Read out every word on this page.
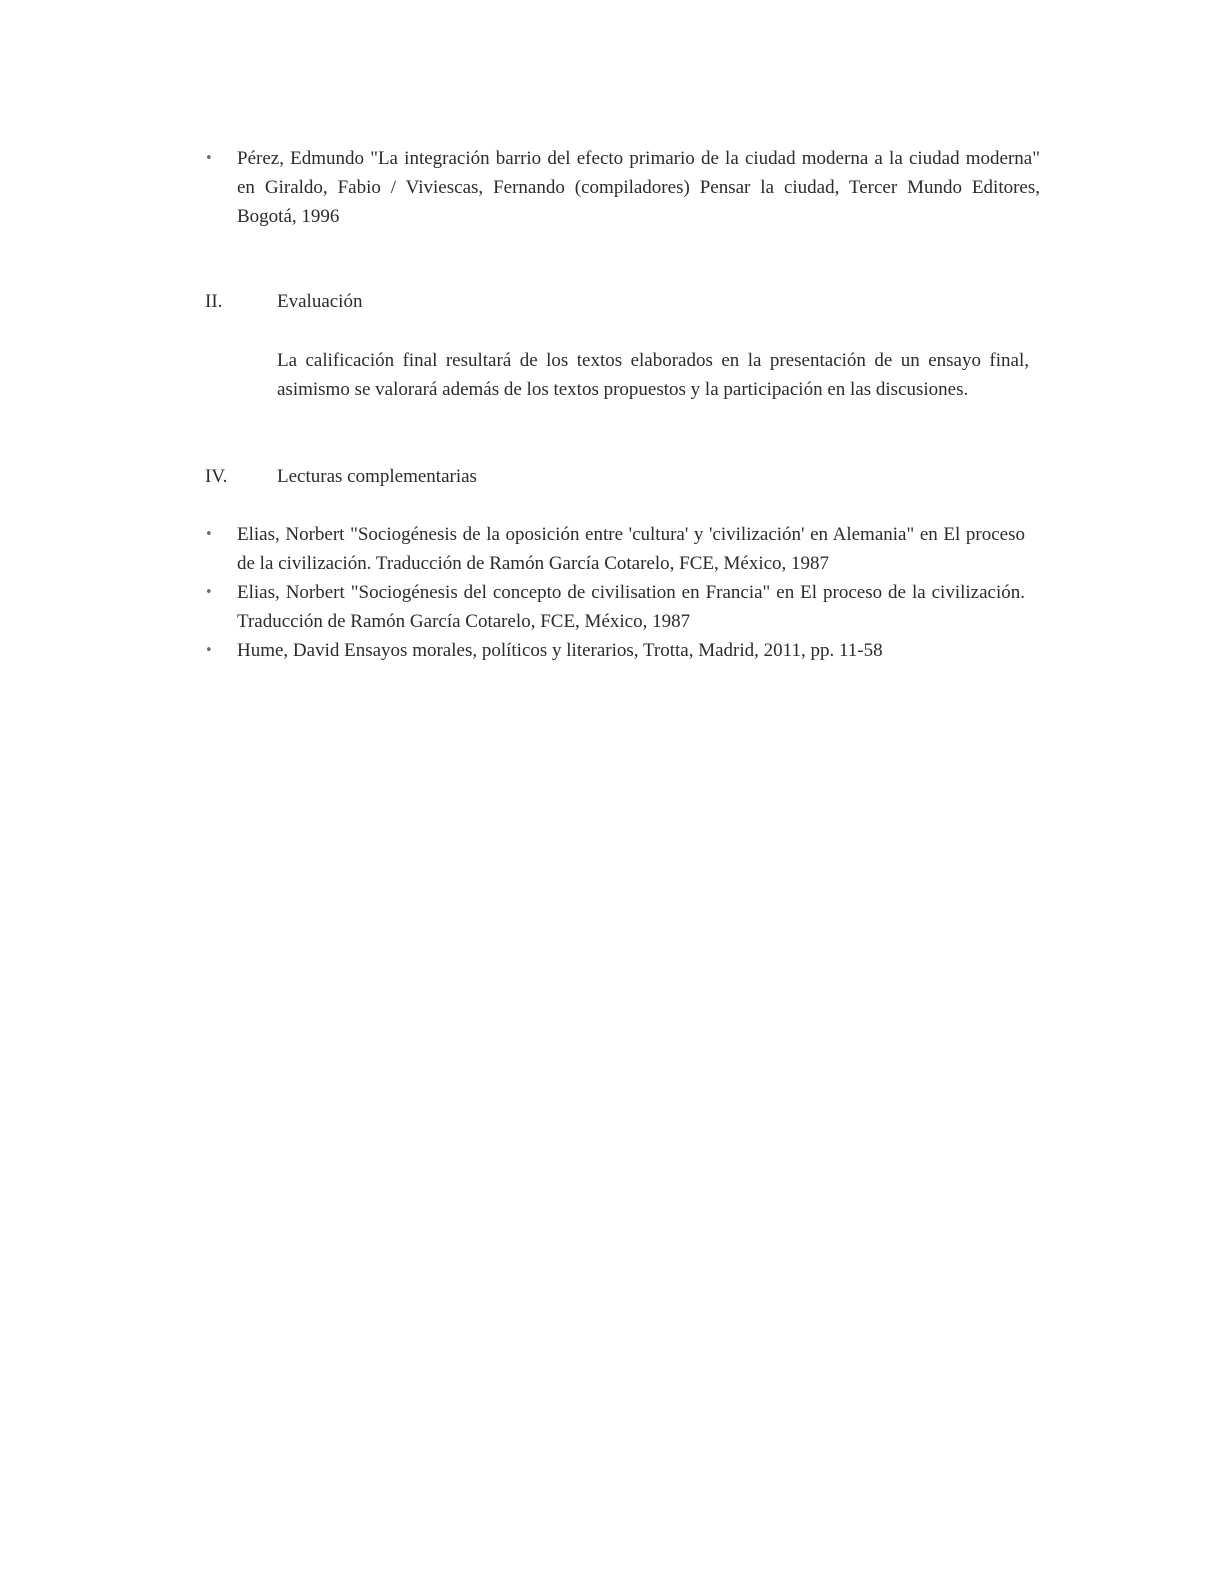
• Pérez, Edmundo "La integración barrio del efecto primario de la ciudad moderna a la ciudad moderna" en Giraldo, Fabio / Viviescas, Fernando (compiladores) Pensar la ciudad, Tercer Mundo Editores, Bogotá, 1996
II.	Evaluación
La calificación final resultará de los textos elaborados en la presentación de un ensayo final, asimismo se valorará además de los textos propuestos y la participación en las discusiones.
IV.	Lecturas complementarias
• Elias, Norbert "Sociogénesis de la oposición entre 'cultura' y 'civilización' en Alemania" en El proceso de la civilización. Traducción de Ramón García Cotarelo, FCE, México, 1987
• Elias, Norbert "Sociogénesis del concepto de civilisation en Francia" en El proceso de la civilización. Traducción de Ramón García Cotarelo, FCE, México, 1987
• Hume, David Ensayos morales, políticos y literarios, Trotta, Madrid, 2011, pp. 11-58
